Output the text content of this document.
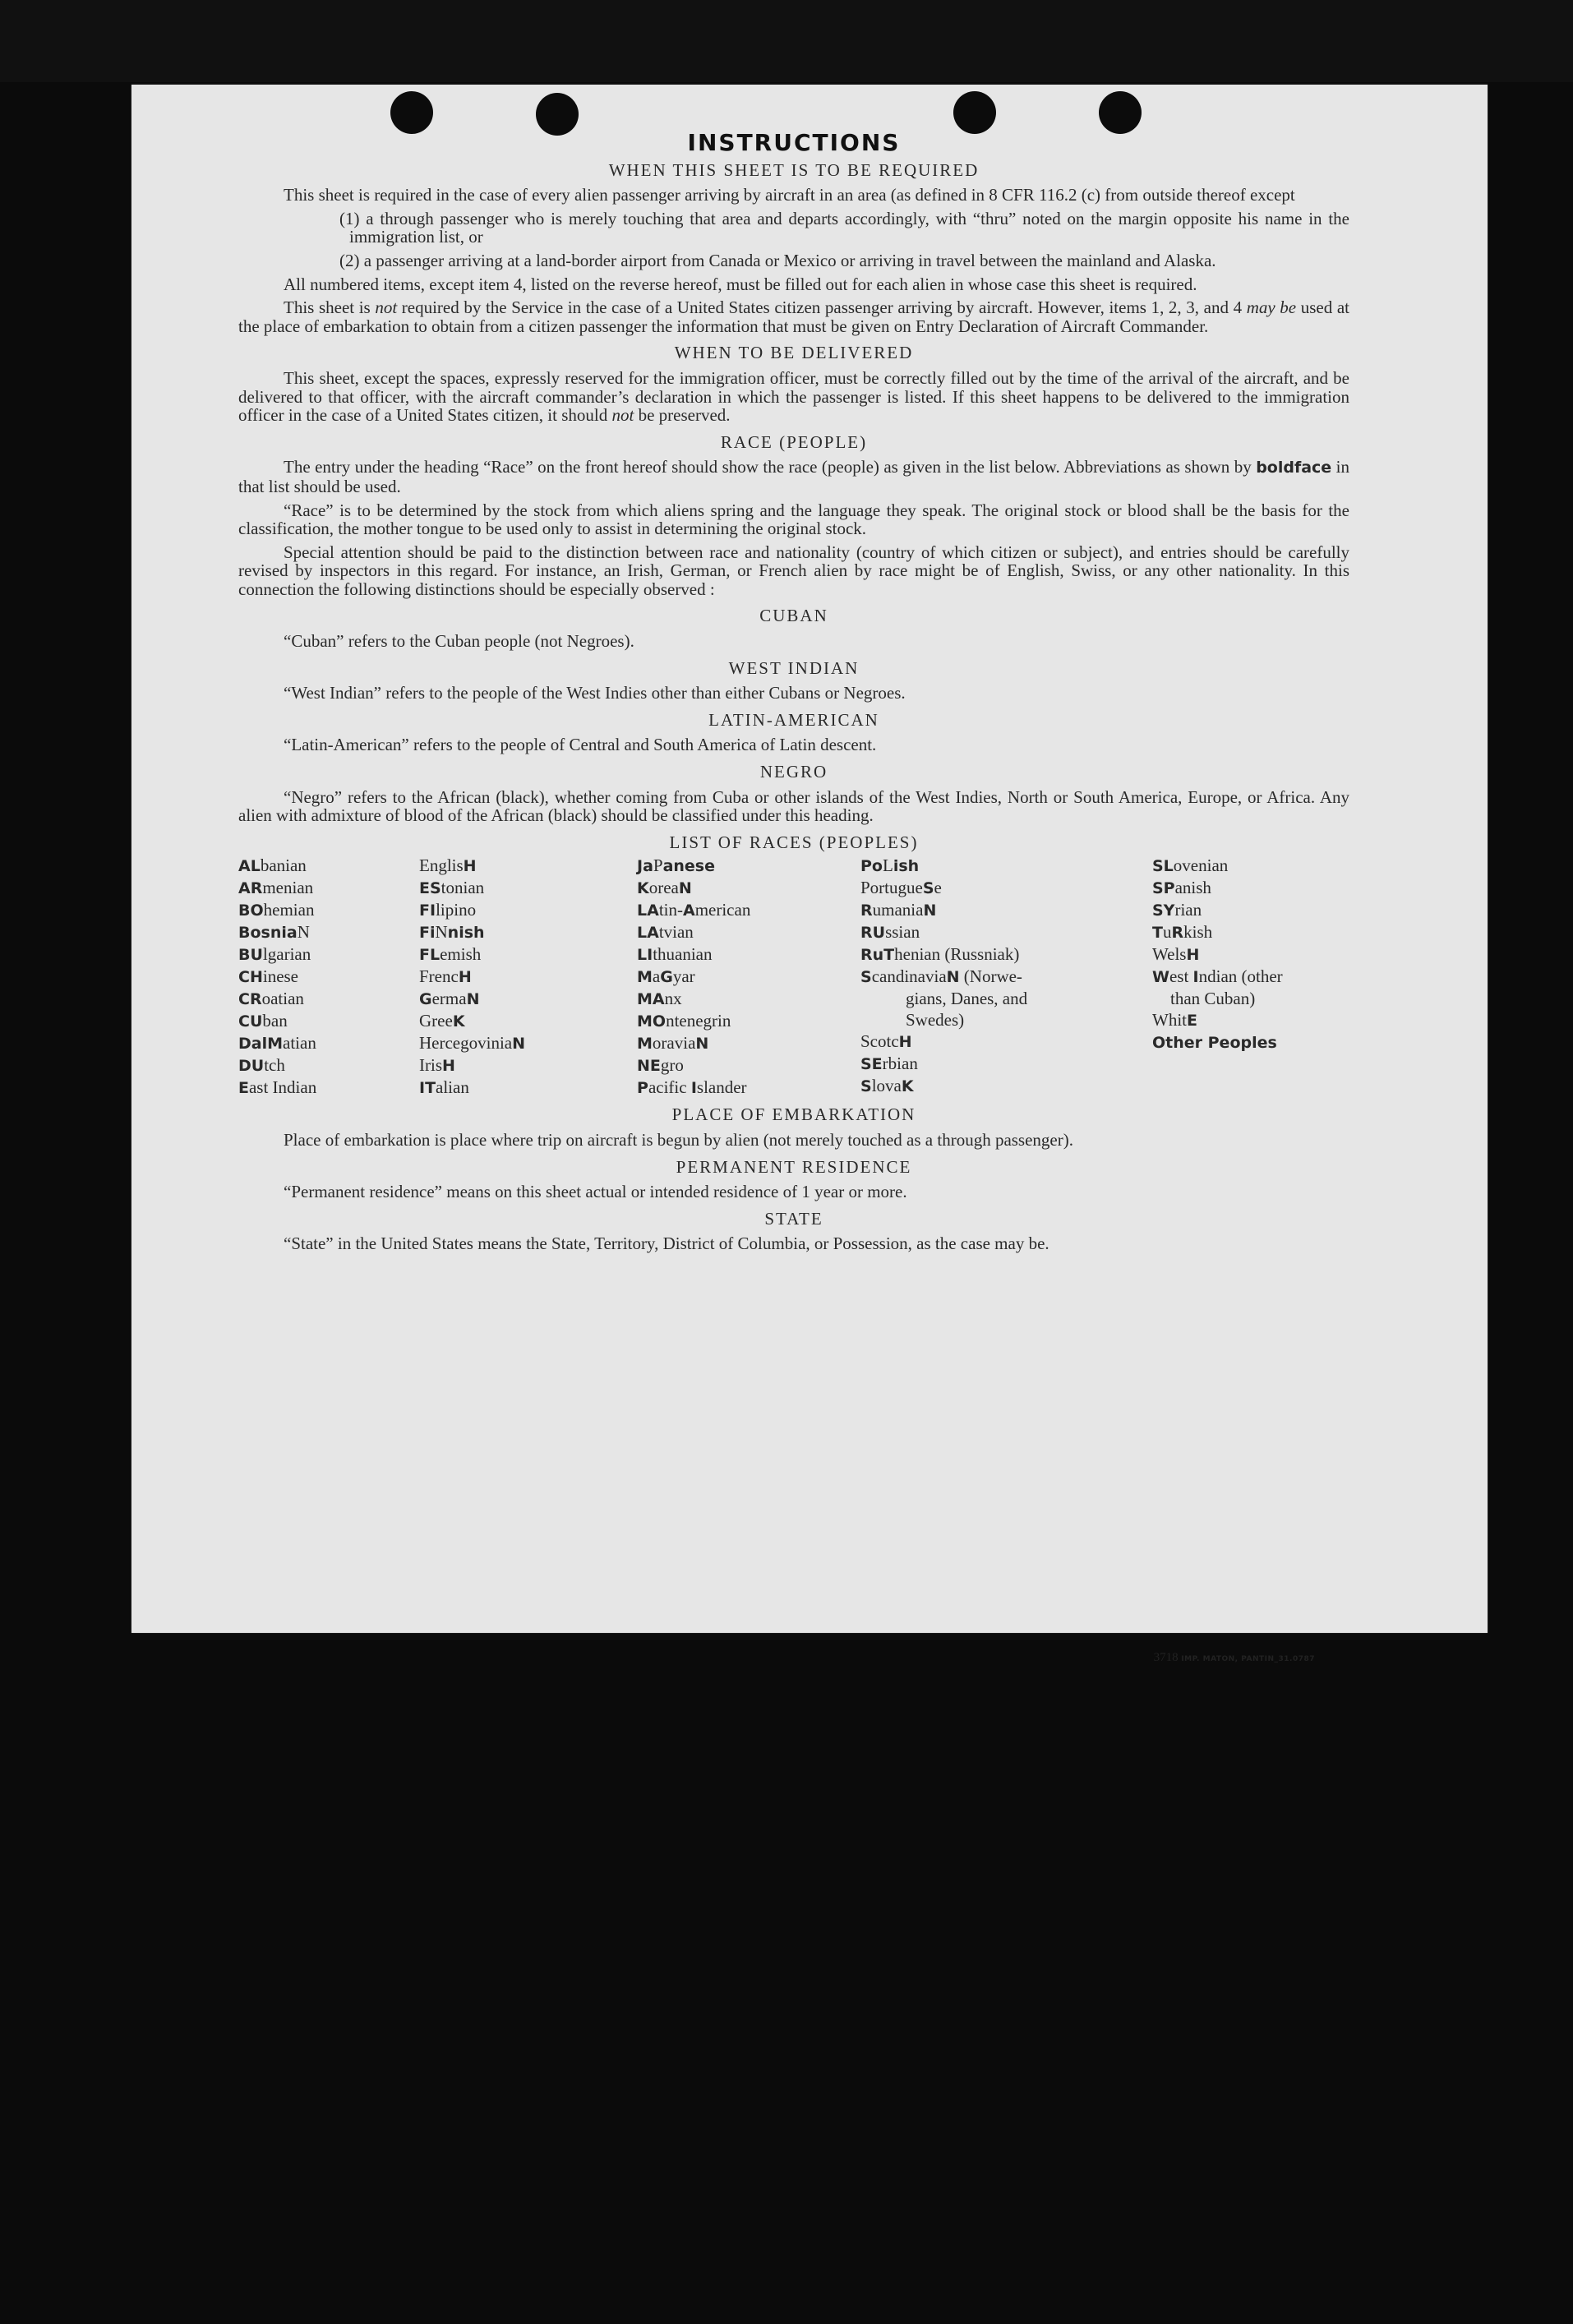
INSTRUCTIONS
WHEN THIS SHEET IS TO BE REQUIRED

This sheet is required in the case of every alien passenger arriving by aircraft in an area (as defined in 8 CFR 116.2 (c) from outside thereof except

(1) a through passenger who is merely touching that area and departs accordingly, with “thru” noted on the margin opposite his name in the immigration list, or
(2) a passenger arriving at a land-border airport from Canada or Mexico or arriving in travel between the mainland and Alaska.

All numbered items, except item 4, listed on the reverse hereof, must be filled out for each alien in whose case this sheet is required.

This sheet is not required by the Service in the case of a United States citizen passenger arriving by aircraft. However, items 1, 2, 3, and 4 may be used at the place of embarkation to obtain from a citizen passenger the information that must be given on Entry Declaration of Aircraft Commander.

WHEN TO BE DELIVERED

This sheet, except the spaces, expressly reserved for the immigration officer, must be correctly filled out by the time of the arrival of the aircraft, and be delivered to that officer, with the aircraft commander’s declaration in which the passenger is listed. If this sheet happens to be delivered to the immigration officer in the case of a United States citizen, it should not be preserved.

RACE (PEOPLE)

The entry under the heading “Race” on the front hereof should show the race (people) as given in the list below. Abbreviations as shown by boldface in that list should be used.

“Race” is to be determined by the stock from which aliens spring and the language they speak. The original stock or blood shall be the basis for the classification, the mother tongue to be used only to assist in determining the original stock.

Special attention should be paid to the distinction between race and nationality (country of which citizen or subject), and entries should be carefully revised by inspectors in this regard. For instance, an Irish, German, or French alien by race might be of English, Swiss, or any other nationality. In this connection the following distinctions should be especially observed :

CUBAN

“Cuban” refers to the Cuban people (not Negroes).

WEST INDIAN

“West Indian” refers to the people of the West Indies other than either Cubans or Negroes.

LATIN-AMERICAN

“Latin-American” refers to the people of Central and South America of Latin descent.

NEGRO

“Negro” refers to the African (black), whether coming from Cuba or other islands of the West Indies, North or South America, Europe, or Africa. Any alien with admixture of blood of the African (black) should be classified under this heading.

LIST OF RACES (PEOPLES)
ALbanian
ARmenian
BOhemian
BosniaN
BUlgarian
CHinese
CRoatian
CUban
DalMatian
DUtch
East Indian
EnglisH
EStonian
FIlipino
FiNnish
FLemish
FrencH
GermaN
GreeK
HercegoviniaN
IrisH
ITalian
JaPanese
KoreaN
LAtin-American
LAtvian
LIthuanian
MaGyar
MAnx
MOntenegrin
MoraviaN
NEgro
Pacific Islander
PoLish
PortugueSe
RumaniaN
RUssian
RuThenian (Russniak)
ScandinaviaN (Norwe-
gians, Danes, and
Swedes)
ScotcH
SErbian
SlovaK
SLovenian
SPanish
SYrian
TuRkish
WelsH
West Indian (other
than Cuban)
WhitE
Other Peoples
PLACE OF EMBARKATION

Place of embarkation is place where trip on aircraft is begun by alien (not merely touched as a through passenger).

PERMANENT RESIDENCE

“Permanent residence” means on this sheet actual or intended residence of 1 year or more.

STATE

“State” in the United States means the State, Territory, District of Columbia, or Possession, as the case may be.

3718 IMP. MATON, PANTIN_31.0787
